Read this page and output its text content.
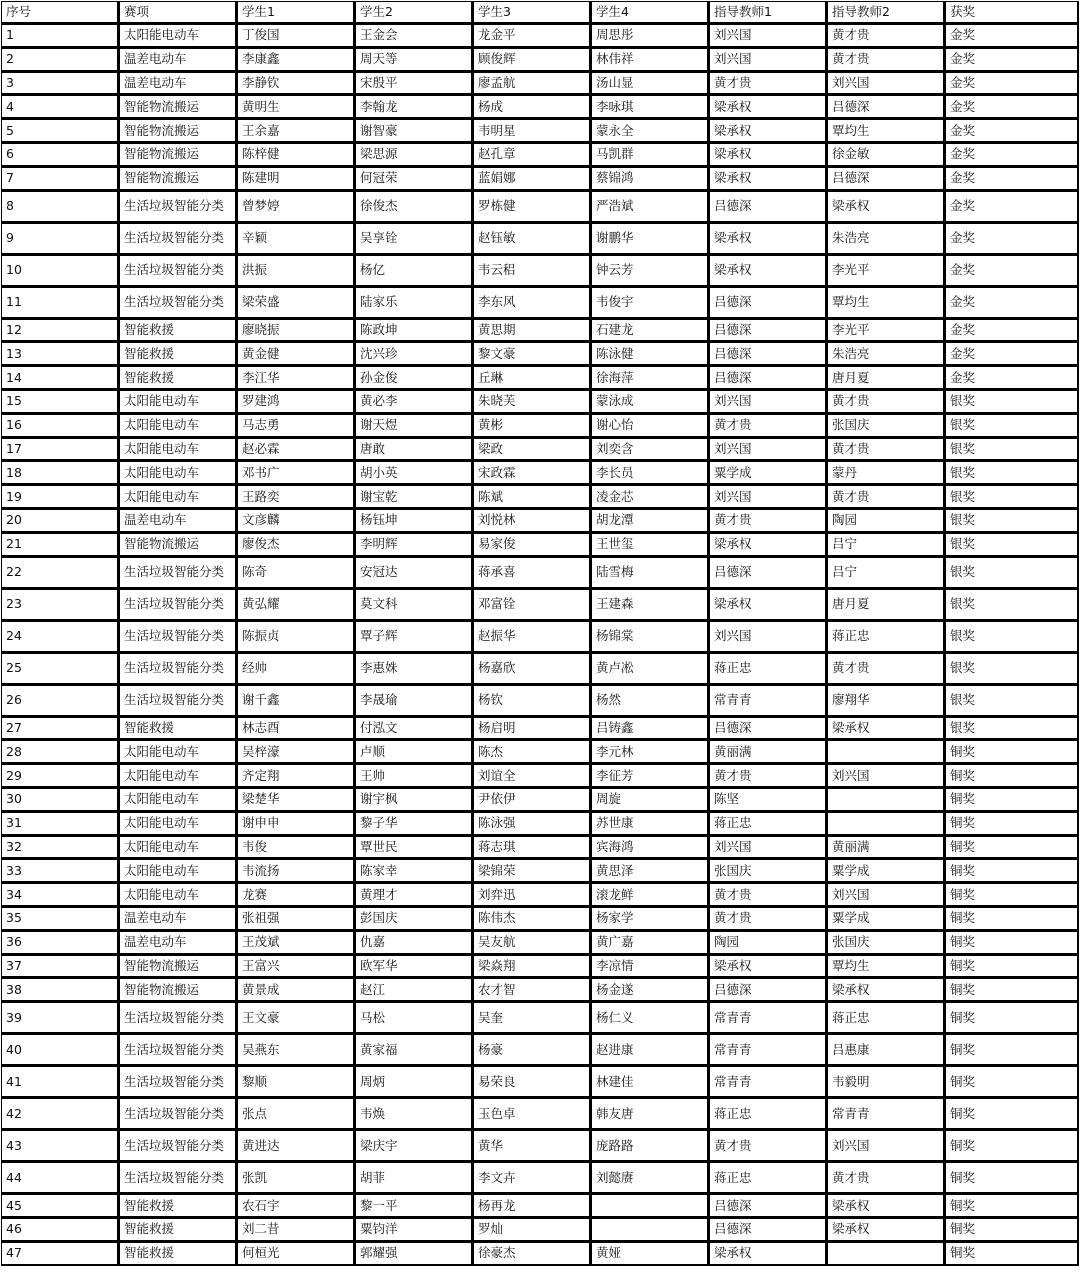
序号	赛项	学生1	学生2	学生3	学生4	指导教师1	指导教师2	获奖
1	太阳能电动车	丁俊国	王金会	龙金平	周思彤	刘兴国	黄才贵	金奖
2	温差电动车	李康鑫	周天等	顾俊辉	林伟祥	刘兴国	黄才贵	金奖
3	温差电动车	李静钦	宋殷平	廖孟航	汤山显	黄才贵	刘兴国	金奖
4	智能物流搬运	黄明生	李翰龙	杨成	李咏琪	梁承权	吕德深	金奖
5	智能物流搬运	王余嘉	谢智豪	韦明星	蒙永全	梁承权	覃均生	金奖
6	智能物流搬运	陈梓健	梁思源	赵孔章	马凯群	梁承权	徐金敏	金奖
7	智能物流搬运	陈建明	何冠荣	蓝娟娜	蔡锦鸿	梁承权	吕德深	金奖
8	生活垃圾智能分类	曾梦婷	徐俊杰	罗栋健	严浩斌	吕德深	梁承权	金奖
9	生活垃圾智能分类	辛颖	吴享铨	赵钰敏	谢鹏华	梁承权	朱浩亮	金奖
10	生活垃圾智能分类	洪振	杨亿	韦云稆	钟云芳	梁承权	李光平	金奖
11	生活垃圾智能分类	梁荣盛	陆家乐	李东风	韦俊宇	吕德深	覃均生	金奖
12	智能救援	廖晓振	陈政坤	黄思期	石建龙	吕德深	李光平	金奖
13	智能救援	黄金健	沈兴珍	黎文豪	陈泳健	吕德深	朱浩亮	金奖
14	智能救援	李江华	孙金俊	丘琳	徐海萍	吕德深	唐月夏	金奖
15	太阳能电动车	罗建鸿	黄必李	朱晓芙	蒙泳成	刘兴国	黄才贵	银奖
16	太阳能电动车	马志勇	谢天煜	黄彬	谢心怡	黄才贵	张国庆	银奖
17	太阳能电动车	赵必霖	唐敢	梁政	刘奕含	刘兴国	黄才贵	银奖
18	太阳能电动车	邓书广	胡小英	宋政霖	李长员	粟学成	蒙丹	银奖
19	太阳能电动车	王路奕	谢宝乾	陈斌	凌金芯	刘兴国	黄才贵	银奖
20	温差电动车	文彦麟	杨钰坤	刘悦林	胡龙潭	黄才贵	陶园	银奖
21	智能物流搬运	廖俊杰	李明辉	易家俊	王世玺	梁承权	吕宁	银奖
22	生活垃圾智能分类	陈奇	安冠达	蒋承喜	陆雪梅	吕德深	吕宁	银奖
23	生活垃圾智能分类	黄弘耀	莫文科	邓富铨	王建森	梁承权	唐月夏	银奖
24	生活垃圾智能分类	陈振贞	覃子辉	赵振华	杨锦棠	刘兴国	蒋正忠	银奖
25	生活垃圾智能分类	经帅	李惠姝	杨嘉欣	黄卢凇	蒋正忠	黄才贵	银奖
26	生活垃圾智能分类	谢千鑫	李晟瑜	杨钦	杨然	常青青	廖翔华	银奖
27	智能救援	林志酉	付泓文	杨启明	吕铸鑫	吕德深	梁承权	银奖
28	太阳能电动车	吴梓濠	卢顺	陈杰	李元林	黄丽满		铜奖
29	太阳能电动车	齐定翔	王帅	刘谊全	李征芳	黄才贵	刘兴国	铜奖
30	太阳能电动车	梁楚华	谢宇枫	尹依伊	周旋	陈坚		铜奖
31	太阳能电动车	谢申申	黎子华	陈泳强	苏世康	蒋正忠		铜奖
32	太阳能电动车	韦俊	覃世民	蒋志琪	宾海鸿	刘兴国	黄丽满	铜奖
33	太阳能电动车	韦流扬	陈家幸	梁锦荣	黄思泽	张国庆	粟学成	铜奖
34	太阳能电动车	龙赛	黄理才	刘弈迅	滚龙鲜	黄才贵	刘兴国	铜奖
35	温差电动车	张祖强	彭国庆	陈伟杰	杨家学	黄才贵	粟学成	铜奖
36	温差电动车	王茂斌	仇嘉	吴友航	黄广嘉	陶园	张国庆	铜奖
37	智能物流搬运	王富兴	欧军华	梁焱翔	李凉情	梁承权	覃均生	铜奖
38	智能物流搬运	黄景成	赵江	农才智	杨金遂	吕德深	梁承权	铜奖
39	生活垃圾智能分类	王文豪	马松	吴奎	杨仁义	常青青	蒋正忠	铜奖
40	生活垃圾智能分类	吴燕东	黄家福	杨豪	赵进康	常青青	吕惠康	铜奖
41	生活垃圾智能分类	黎顺	周炳	易荣良	林建佳	常青青	韦毅明	铜奖
42	生活垃圾智能分类	张点	韦焕	玉色卓	韩友唐	蒋正忠	常青青	铜奖
43	生活垃圾智能分类	黄进达	梁庆宇	黄华	庞路路	黄才贵	刘兴国	铜奖
44	生活垃圾智能分类	张凯	胡菲	李文卉	刘懿赓	蒋正忠	黄才贵	铜奖
45	智能救援	农石宇	黎一平	杨再龙		吕德深	梁承权	铜奖
46	智能救援	刘二昔	粟钧洋	罗灿		吕德深	梁承权	铜奖
47	智能救援	何桓光	郭耀强	徐豪杰	黄娅	梁承权		铜奖
